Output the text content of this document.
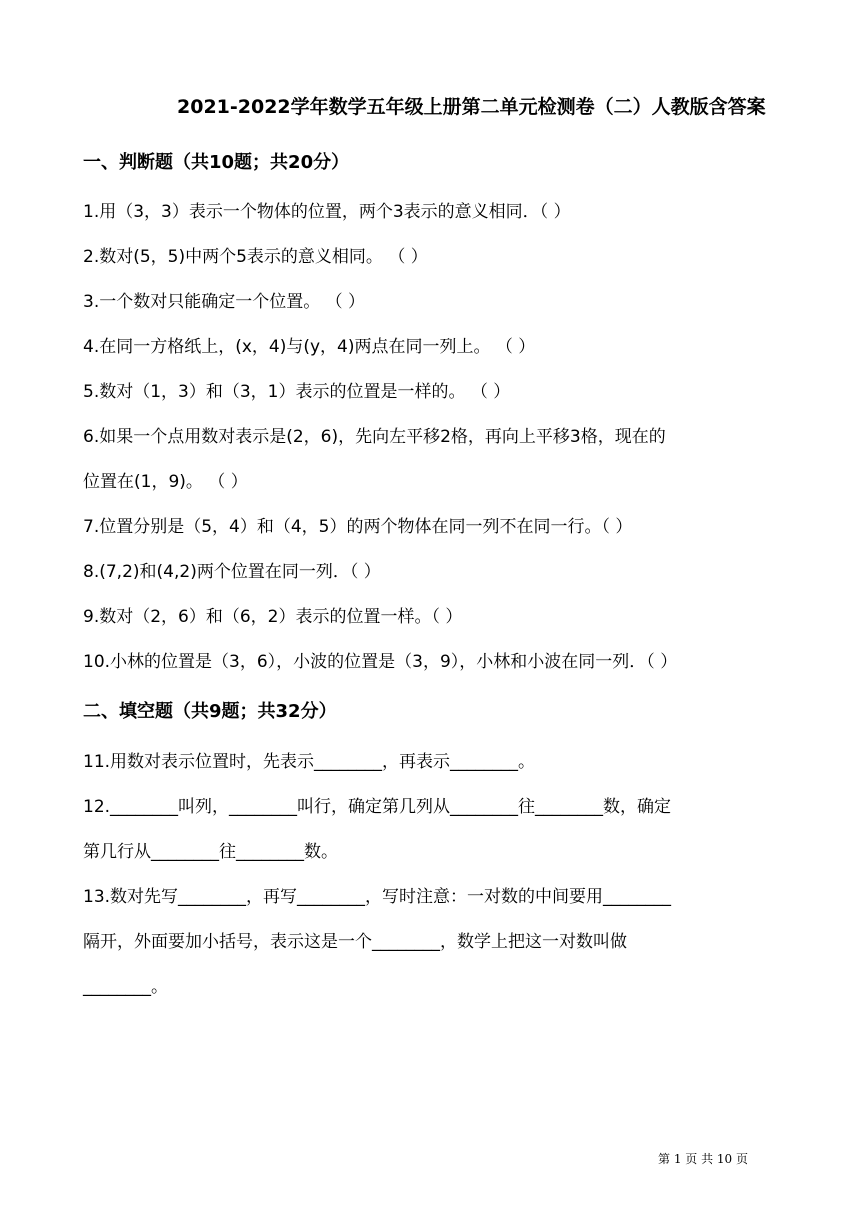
2021-2022学年数学五年级上册第二单元检测卷（二）人教版含答案
一、判断题（共10题；共20分）
1.用（3，3）表示一个物体的位置，两个3表示的意义相同．（ ）
2.数对(5，5)中两个5表示的意义相同。 （ ）
3.一个数对只能确定一个位置。 （ ）
4.在同一方格纸上，(x，4)与(y，4)两点在同一列上。 （ ）
5.数对（1，3）和（3，1）表示的位置是一样的。 （ ）
6.如果一个点用数对表示是(2，6)，先向左平移2格，再向上平移3格，现在的
位置在(1，9)。 （ ）
7.位置分别是（5，4）和（4，5）的两个物体在同一列不在同一行。（ ）
8.(7,2)和(4,2)两个位置在同一列．（ ）
9.数对（2，6）和（6，2）表示的位置一样。（ ）
10.小林的位置是（3，6），小波的位置是（3，9），小林和小波在同一列．（ ）
二、填空题（共9题；共32分）
11.用数对表示位置时，先表示________，再表示________。
12.________叫列，________叫行，确定第几列从________往________数，确定
第几行从________往________数。
13.数对先写________，再写________，写时注意：一对数的中间要用________
隔开，外面要加小括号，表示这是一个________，数学上把这一对数叫做
________。
第 1 页 共 10 页
